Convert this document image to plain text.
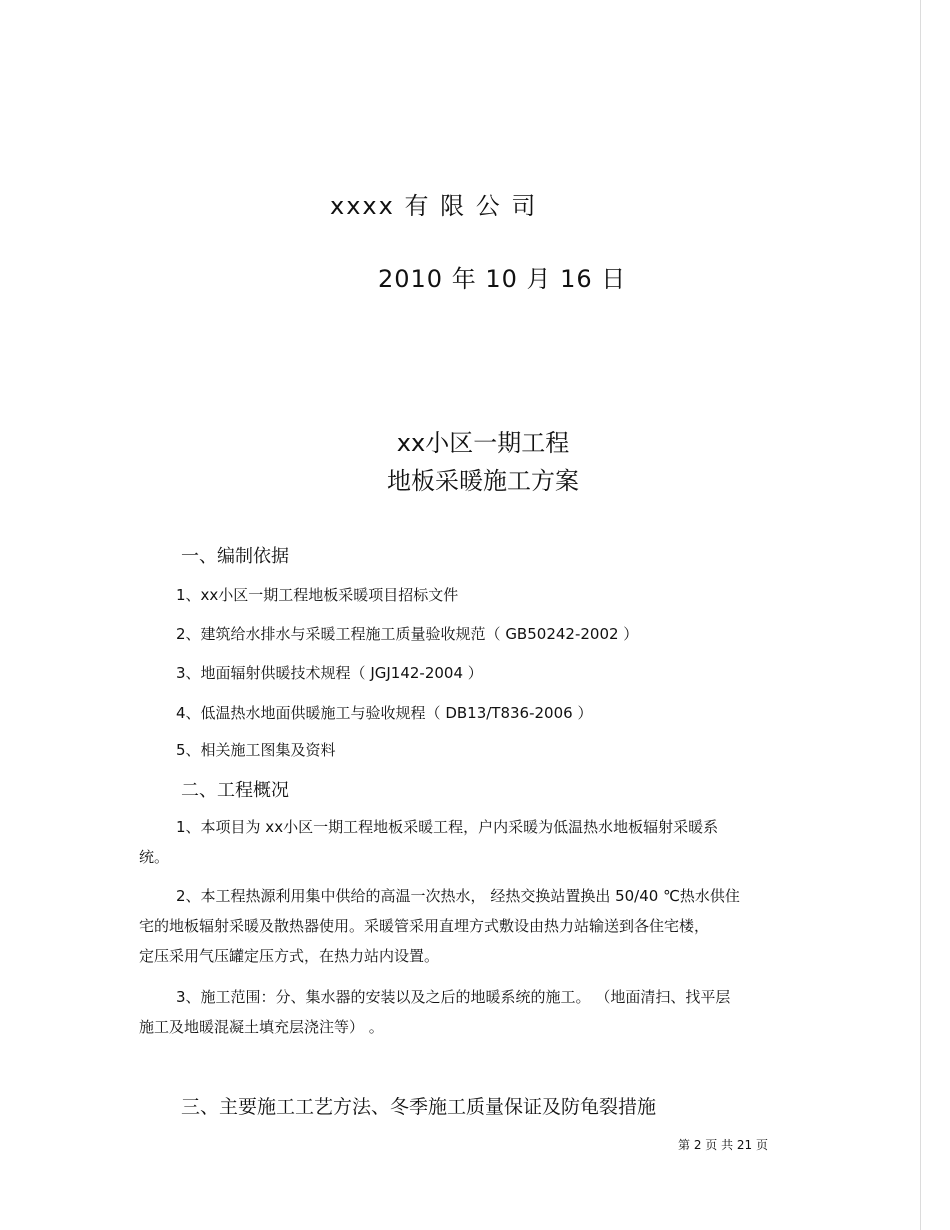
xxxx 有 限 公 司
2010 年 10 月 16 日
xx小区一期工程
地板采暖施工方案
一、编制依据
1、xx小区一期工程地板采暖项目招标文件
2、建筑给水排水与采暖工程施工质量验收规范（ GB50242-2002 ）
3、地面辐射供暖技术规程（ JGJ142-2004 ）
4、低温热水地面供暖施工与验收规程（ DB13/T836-2006 ）
5、相关施工图集及资料
二、工程概况
1、本项目为 xx小区一期工程地板采暖工程，户内采暖为低温热水地板辐射采暖系
统。
2、本工程热源利用集中供给的高温一次热水， 经热交换站置换出 50/40 ℃热水供住
宅的地板辐射采暖及散热器使用。采暖管采用直埋方式敷设由热力站输送到各住宅楼，
定压采用气压罐定压方式，在热力站内设置。
3、施工范围：分、集水器的安装以及之后的地暖系统的施工。 （地面清扫、找平层
施工及地暖混凝土填充层浇注等） 。
三、主要施工工艺方法、冬季施工质量保证及防龟裂措施
第 2 页 共 21 页
